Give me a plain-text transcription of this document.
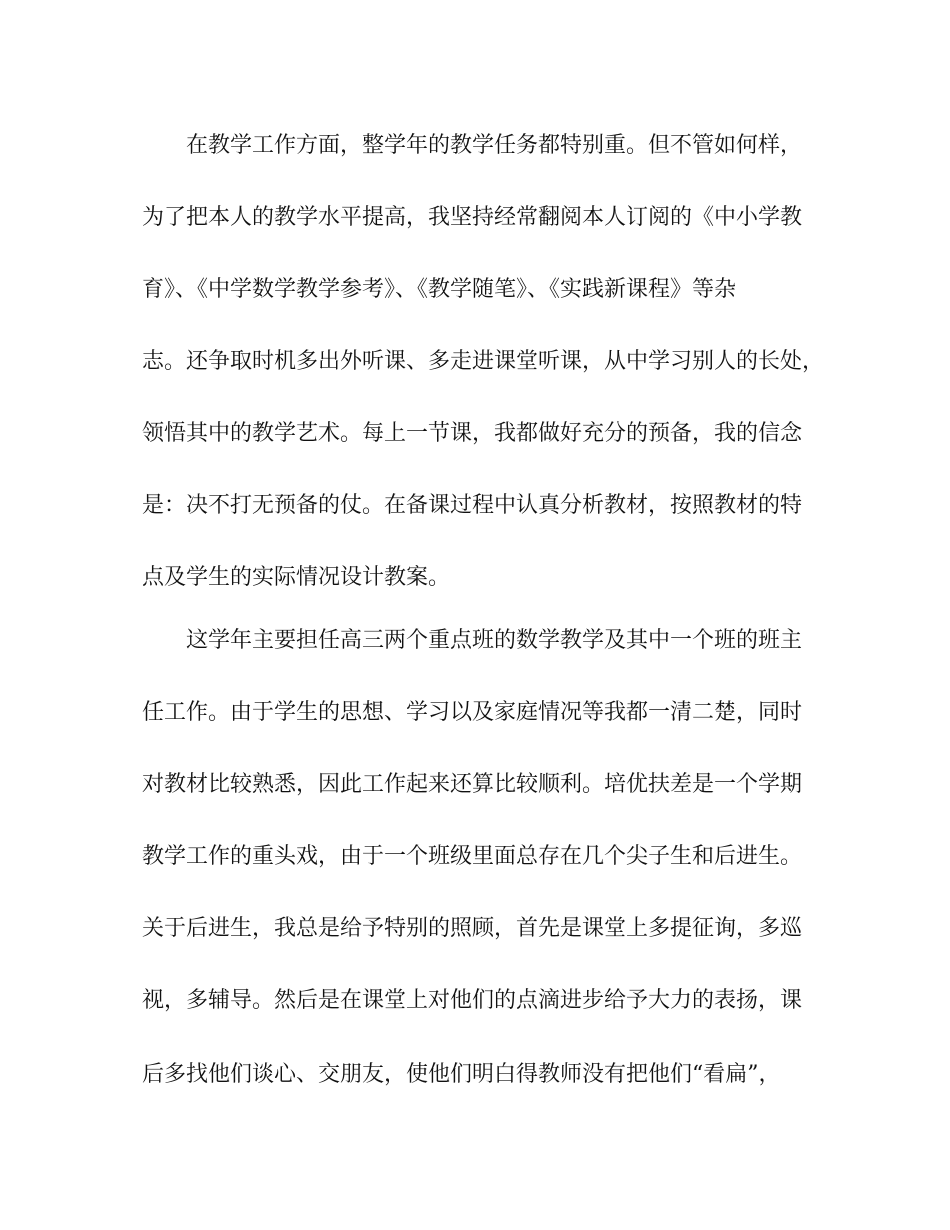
在教学工作方面，整学年的教学任务都特别重。但不管如何样，
为了把本人的教学水平提高，我坚持经常翻阅本人订阅的《中小学教
育》、《中学数学教学参考》、《教学随笔》、《实践新课程》等杂
志。还争取时机多出外听课、多走进课堂听课，从中学习别人的长处，
领悟其中的教学艺术。每上一节课，我都做好充分的预备，我的信念
是：决不打无预备的仗。在备课过程中认真分析教材，按照教材的特
点及学生的实际情况设计教案。
这学年主要担任高三两个重点班的数学教学及其中一个班的班主
任工作。由于学生的思想、学习以及家庭情况等我都一清二楚，同时
对教材比较熟悉，因此工作起来还算比较顺利。培优扶差是一个学期
教学工作的重头戏，由于一个班级里面总存在几个尖子生和后进生。
关于后进生，我总是给予特别的照顾，首先是课堂上多提征询，多巡
视，多辅导。然后是在课堂上对他们的点滴进步给予大力的表扬，课
后多找他们谈心、交朋友，使他们明白得教师没有把他们“看扁”，
